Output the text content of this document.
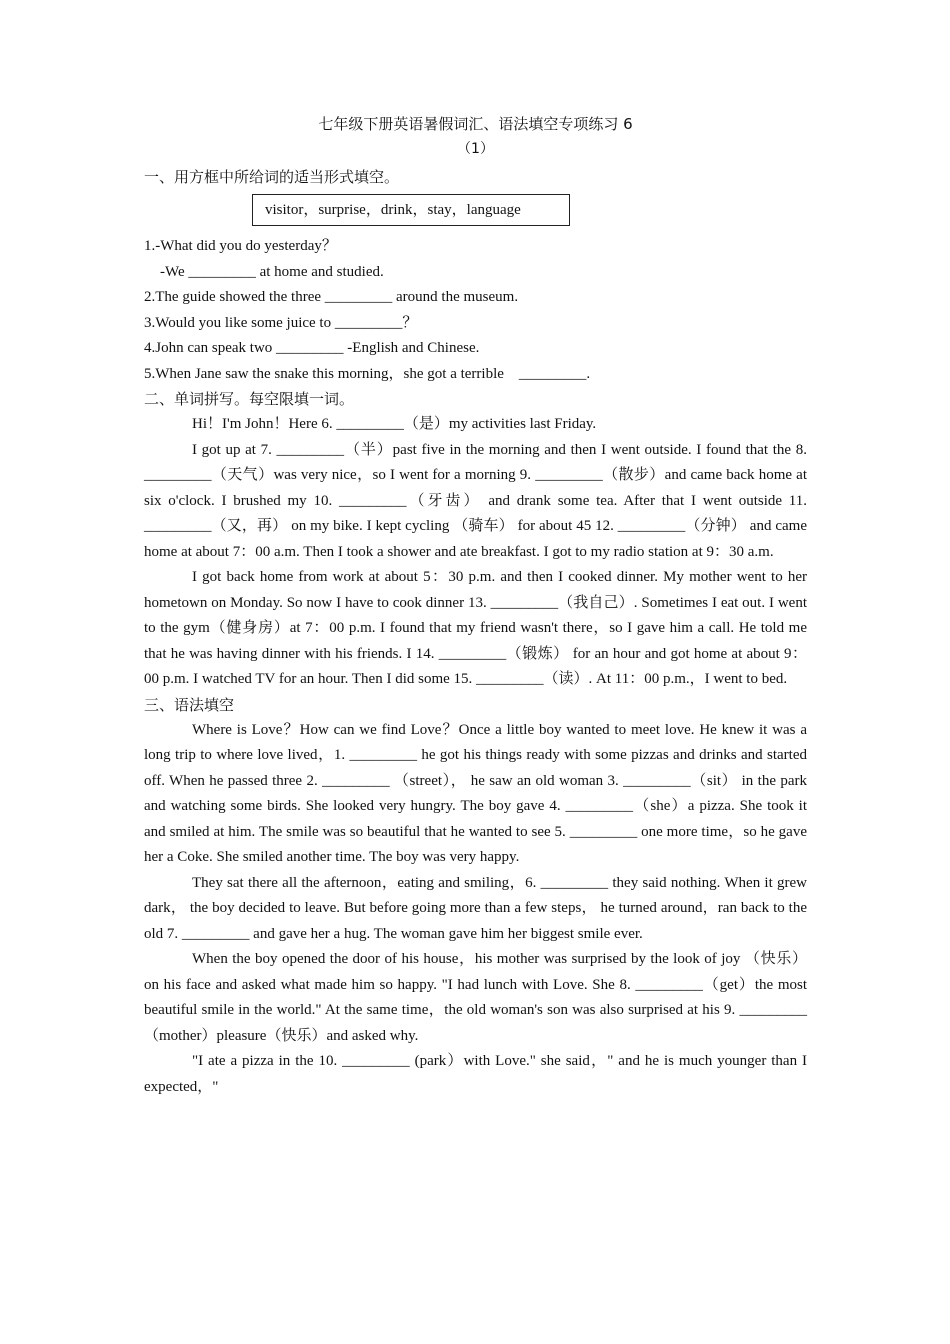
七年级下册英语暑假词汇、语法填空专项练习 6
（1）
一、用方框中所给词的适当形式填空。
visitor，surprise，drink，stay，language
1.-What did you do yesterday？
-We _________ at home and studied.
2.The guide showed the three _________ around the museum.
3.Would you like some juice to _________？
4.John can speak two _________ -English and Chinese.
5.When Jane saw the snake this morning，she got a terrible    _________.
二、单词拼写。每空限填一词。
Hi！I'm John！Here 6. _________（是）my activities last Friday.
I got up at 7. _________（半）past five in the morning and then I went outside. I found that the 8. _________（天气）was very nice，so I went for a morning 9. _________（散步）and came back home at six o'clock. I brushed my 10. _________（牙齿） and drank some tea. After that I went outside 11. _________（又，再） on my bike. I kept cycling （骑车） for about 45 12. _________（分钟） and came home at about 7：00 a.m. Then I took a shower and ate breakfast. I got to my radio station at 9：30 a.m.
I got back home from work at about 5：30 p.m. and then I cooked dinner. My mother went to her hometown on Monday. So now I have to cook dinner 13. _________（我自己）. Sometimes I eat out. I went to the gym（健身房）at 7：00 p.m. I found that my friend wasn't there，so I gave him a call. He told me that he was having dinner with his friends. I 14. _________（锻炼） for an hour and got home at about 9：00 p.m. I watched TV for an hour. Then I did some 15. _________（读）. At 11：00 p.m.，I went to bed.
三、语法填空
Where is Love？How can we find Love？Once a little boy wanted to meet love. He knew it was a long trip to where love lived，1. _________ he got his things ready with some pizzas and drinks and started off. When he passed three 2. _________ （street）， he saw an old woman 3. _________（sit） in the park and watching some birds. She looked very hungry. The boy gave 4. _________（she）a pizza. She took it and smiled at him. The smile was so beautiful that he wanted to see 5. _________ one more time，so he gave her a Coke. She smiled another time. The boy was very happy.
They sat there all the afternoon，eating and smiling，6. _________ they said nothing. When it grew dark， the boy decided to leave. But before going more than a few steps， he turned around，ran back to the old 7. _________ and gave her a hug. The woman gave him her biggest smile ever.
When the boy opened the door of his house，his mother was surprised by the look of joy （快乐） on his face and asked what made him so happy. "I had lunch with Love. She 8. _________（get）the most beautiful smile in the world." At the same time，the old woman's son was also surprised at his 9. _________（mother）pleasure（快乐）and asked why.
"I ate a pizza in the 10. _________ (park）with Love." she said，" and he is much younger than I expected，"
